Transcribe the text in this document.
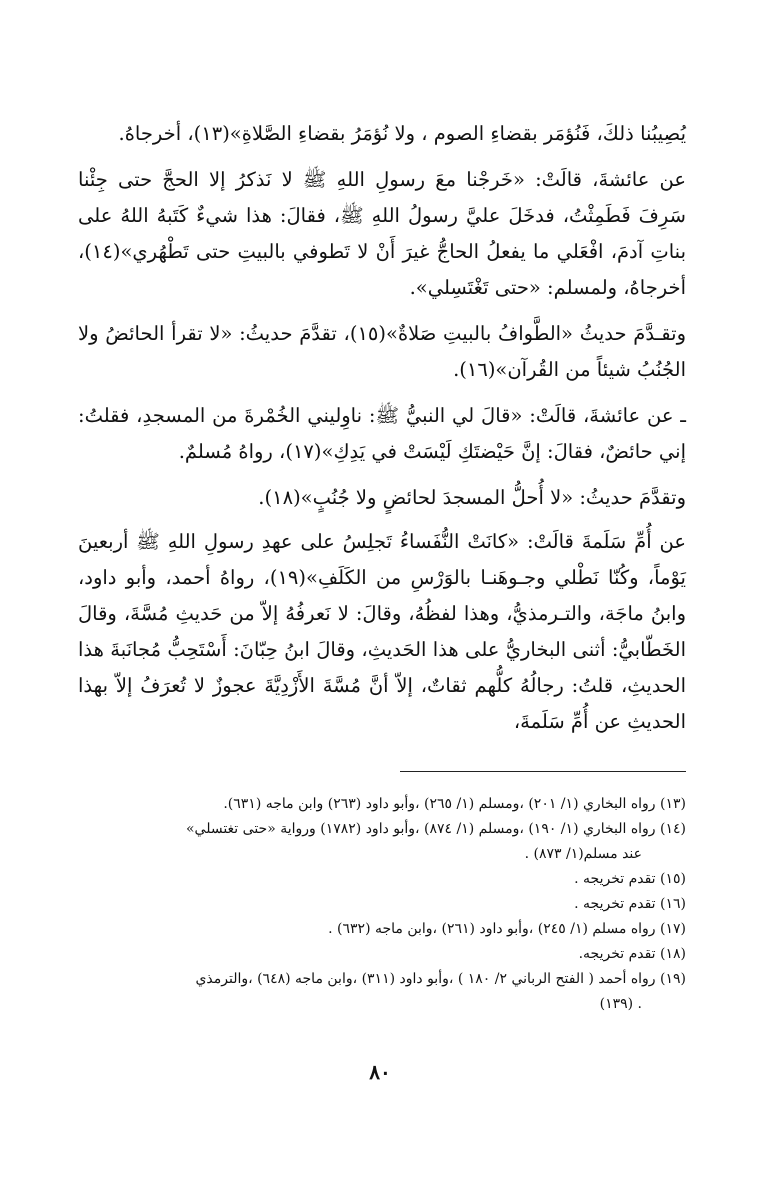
يُصِيبُنا ذلكَ، فَنُؤمَر بقضاءِ الصوم ، ولا نُؤمَرُ بقضاءِ الصَّلاةِ»(١٣)، أخرجاهُ.

عن عائشةَ، قالَتْ: «خَرجْنا معَ رسولِ اللهِ ﷺ لا نَذكرُ إلا الحجَّ حتى جِئْنا سَرِفَ فَطَمِثْتُ، فدخَلَ عليَّ رسولُ اللهِ ﷺ، فقالَ: هذا شيءٌ كَتَبهُ اللهُ على بناتِ آدمَ، افْعَلي ما يفعلُ الحاجُّ غيرَ أَنْ لا تَطوفي بالبيتِ حتى تَطْهُري»(١٤)، أخرجاهُ، ولمسلم: «حتى تَغْتَسِلي».

وتقـدَّمَ حديثُ «الطَّوافُ بالبيتِ صَلاةٌ»(١٥)، تقدَّمَ حديثُ: «لا تقرأ الحائضُ ولا الجُنُبُ شيئاً من القُرآن»(١٦).

ـ عن عائشةَ، قالَتْ: «قالَ لي النبيُّ ﷺ: ناوِليني الخُمْرةَ من المسجدِ، فقلتُ: إني حائضٌ، فقالَ: إنَّ حَيْضتَكِ لَيْسَتْ في يَدِكِ»(١٧)، رواهُ مُسلمٌ.

وتقدَّمَ حديثُ: «لا أُحلُّ المسجدَ لحائضٍ ولا جُنُبٍ»(١٨).

عن أُمِّ سَلَمةَ قالَتْ: «كانَتْ النُّفَساءُ تَجلِسُ على عهدِ رسولِ اللهِ ﷺ أربعينَ يَوْماً، وكُنّا نَطْلي وجـوهَنـا بالوَرْسِ من الكَلَفِ»(١٩)، رواهُ أحمد، وأبو داود، وابنُ ماجَة، والتـرمذيُّ، وهذا لفظُهُ، وقالَ: لا نَعرفُهُ إلاّ من حَديثِ مُسَّةَ، وقالَ الخَطّابيُّ: أثنى البخاريُّ على هذا الحَديثِ، وقالَ ابنُ حِبّانَ: أَسْتَحِبُّ مُجانَبةَ هذا الحديثِ، قلتُ: رجالُهُ كلُّهم ثقاتٌ، إلاّ أنَّ مُسَّةَ الأَزْدِيَّةَ عجوزٌ لا تُعرَفُ إلاّ بهذا الحديثِ عن أُمِّ سَلَمةَ،

(١٣) رواه البخاري (١/ ٢٠١) ،ومسلم (١/ ٢٦٥) ،وأبو داود (٢٦٣) وابن ماجه (٦٣١).

(١٤) رواه البخاري (١/ ١٩٠) ،ومسلم (١/ ٨٧٤) ،وأبو داود (١٧٨٢) ورواية «حتى تغتسلي»

عند مسلم(١/ ٨٧٣) .

(١٥) تقدم تخريجه .

(١٦) تقدم تخريجه .

(١٧) رواه مسلم (١/ ٢٤٥) ،وأبو داود (٢٦١) ،وابن ماجه (٦٣٢) .

(١٨) تقدم تخريجه.

(١٩) رواه أحمد ( الفتح الرباني ٢/ ١٨٠ ) ،وأبو داود (٣١١) ،وابن ماجه (٦٤٨) ،والترمذي

. (١٣٩)

٨٠
